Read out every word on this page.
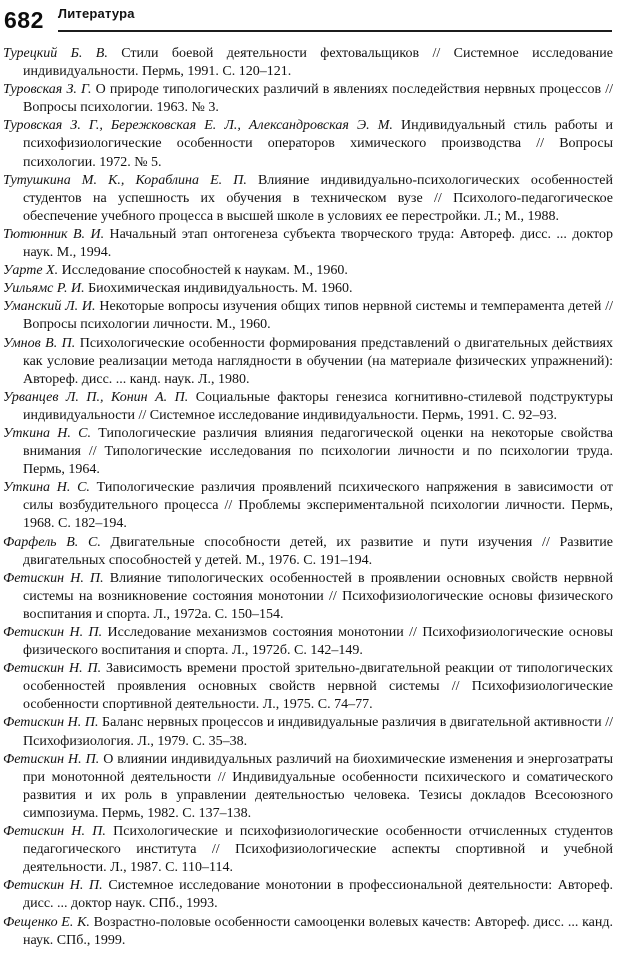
682 Литература

Турецкий Б. В. Стили боевой деятельности фехтовальщиков // Системное исследование индивидуальности. Пермь, 1991. С. 120–121.

Туровская З. Г. О природе типологических различий в явлениях последействия нервных процессов // Вопросы психологии. 1963. № 3.

Туровская З. Г., Бережковская Е. Л., Александровская Э. М. Индивидуальный стиль работы и психофизиологические особенности операторов химического производства // Вопросы психологии. 1972. № 5.

Тутушкина М. К., Кораблина Е. П. Влияние индивидуально-психологических особенностей студентов на успешность их обучения в техническом вузе // Психолого-педагогическое обеспечение учебного процесса в высшей школе в условиях ее перестройки. Л.; М., 1988.

Тютюнник В. И. Начальный этап онтогенеза субъекта творческого труда: Автореф. дисс. ... доктор наук. М., 1994.

Уарте Х. Исследование способностей к наукам. М., 1960.

Уильямс Р. И. Биохимическая индивидуальность. М. 1960.

Уманский Л. И. Некоторые вопросы изучения общих типов нервной системы и темперамента детей // Вопросы психологии личности. М., 1960.

Умнов В. П. Психологические особенности формирования представлений о двигательных действиях как условие реализации метода наглядности в обучении (на материале физических упражнений): Автореф. дисс. ... канд. наук. Л., 1980.

Урванцев Л. П., Конин А. П. Социальные факторы генезиса когнитивно-стилевой подструктуры индивидуальности // Системное исследование индивидуальности. Пермь, 1991. С. 92–93.

Уткина Н. С. Типологические различия влияния педагогической оценки на некоторые свойства внимания // Типологические исследования по психологии личности и по психологии труда. Пермь, 1964.

Уткина Н. С. Типологические различия проявлений психического напряжения в зависимости от силы возбудительного процесса // Проблемы экспериментальной психологии личности. Пермь, 1968. С. 182–194.

Фарфель В. С. Двигательные способности детей, их развитие и пути изучения // Развитие двигательных способностей у детей. М., 1976. С. 191–194.

Фетискин Н. П. Влияние типологических особенностей в проявлении основных свойств нервной системы на возникновение состояния монотонии // Психофизиологические основы физического воспитания и спорта. Л., 1972а. С. 150–154.

Фетискин Н. П. Исследование механизмов состояния монотонии // Психофизиологические основы физического воспитания и спорта. Л., 1972б. С. 142–149.

Фетискин Н. П. Зависимость времени простой зрительно-двигательной реакции от типологических особенностей проявления основных свойств нервной системы // Психофизиологические особенности спортивной деятельности. Л., 1975. С. 74–77.

Фетискин Н. П. Баланс нервных процессов и индивидуальные различия в двигательной активности // Психофизиология. Л., 1979. С. 35–38.

Фетискин Н. П. О влиянии индивидуальных различий на биохимические изменения и энергозатраты при монотонной деятельности // Индивидуальные особенности психического и соматического развития и их роль в управлении деятельностью человека. Тезисы докладов Всесоюзного симпозиума. Пермь, 1982. С. 137–138.

Фетискин Н. П. Психологические и психофизиологические особенности отчисленных студентов педагогического института // Психофизиологические аспекты спортивной и учебной деятельности. Л., 1987. С. 110–114.

Фетискин Н. П. Системное исследование монотонии в профессиональной деятельности: Автореф. дисс. ... доктор наук. СПб., 1993.

Фещенко Е. К. Возрастно-половые особенности самооценки волевых качеств: Автореф. дисс. ... канд. наук. СПб., 1999.
